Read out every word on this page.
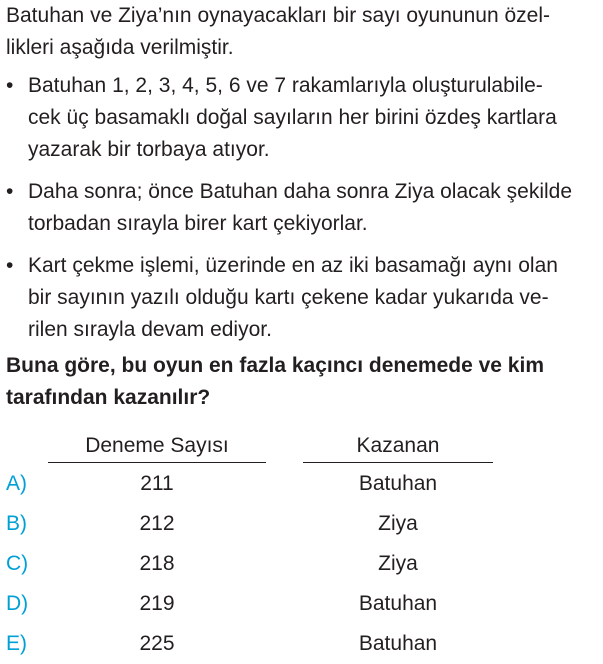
Batuhan ve Ziya’nın oynayacakları bir sayı oyununun özel-
likleri aşağıda verilmiştir.

• Batuhan 1, 2, 3, 4, 5, 6 ve 7 rakamlarıyla oluşturulabile-
cek üç basamaklı doğal sayıların her birini özdeş kartlara
yazarak bir torbaya atıyor.
• Daha sonra; önce Batuhan daha sonra Ziya olacak şekilde
torbadan sırayla birer kart çekiyorlar.
• Kart çekme işlemi, üzerinde en az iki basamağı aynı olan
bir sayının yazılı olduğu kartı çekene kadar yukarıda ve-
rilen sırayla devam ediyor.

Buna göre, bu oyun en fazla kaçıncı denemede ve kim
tarafından kazanılır?

Deneme Sayısı	Kazanan
A)	211	Batuhan
B)	212	Ziya
C)	218	Ziya
D)	219	Batuhan
E)	225	Batuhan
